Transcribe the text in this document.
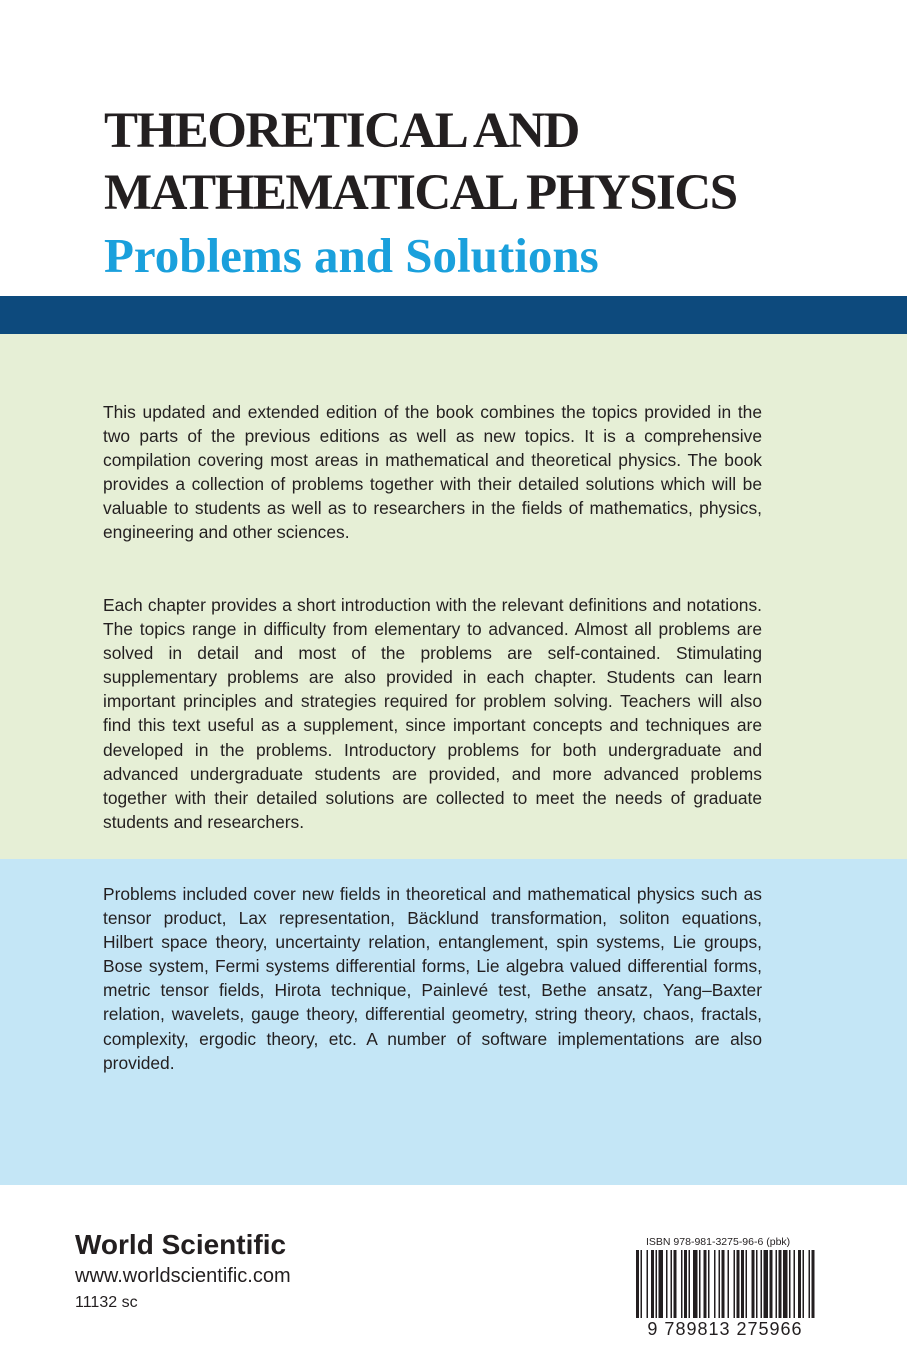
THEORETICAL AND
MATHEMATICAL PHYSICS
Problems and Solutions

This updated and extended edition of the book combines the topics provided in the two parts of the previous editions as well as new topics. It is a comprehensive compilation covering most areas in mathematical and theoretical physics. The book provides a collection of problems together with their detailed solutions which will be valuable to students as well as to researchers in the fields of mathematics, physics, engineering and other sciences.

Each chapter provides a short introduction with the relevant definitions and notations. The topics range in difficulty from elementary to advanced. Almost all problems are solved in detail and most of the problems are self-contained. Stimulating supplementary problems are also provided in each chapter. Students can learn important principles and strategies required for problem solving. Teachers will also find this text useful as a supplement, since important concepts and techniques are developed in the problems. Introductory problems for both undergraduate and advanced undergraduate students are provided, and more advanced problems together with their detailed solutions are collected to meet the needs of graduate students and researchers.

Problems included cover new fields in theoretical and mathematical physics such as tensor product, Lax representation, Bäcklund transformation, soliton equations, Hilbert space theory, uncertainty relation, entanglement, spin systems, Lie groups, Bose system, Fermi systems differential forms, Lie algebra valued differential forms, metric tensor fields, Hirota technique, Painlevé test, Bethe ansatz, Yang–Baxter relation, wavelets, gauge theory, differential geometry, string theory, chaos, fractals, complexity, ergodic theory, etc. A number of software implementations are also provided.

World Scientific
www.worldscientific.com
11132 sc
ISBN 978-981-3275-96-6 (pbk)
9 789813 275966
